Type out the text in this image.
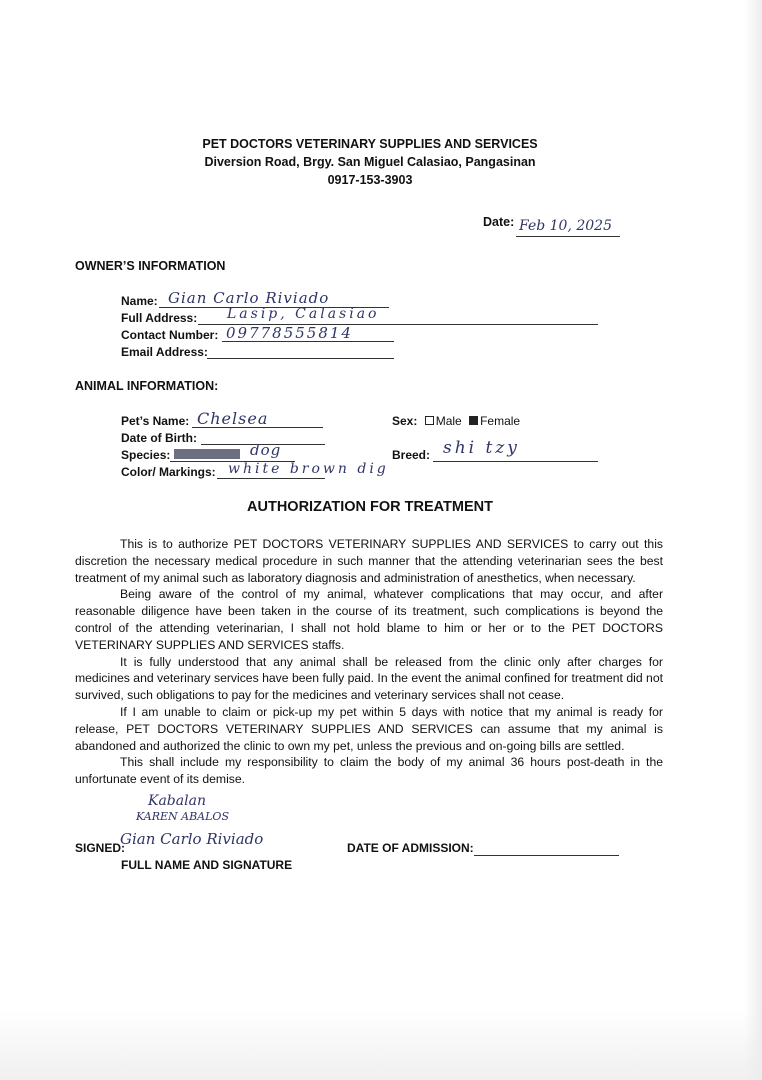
PET DOCTORS VETERINARY SUPPLIES AND SERVICES
Diversion Road, Brgy. San Miguel Calasiao, Pangasinan
0917-153-3903
Date: Feb 10, 2025
OWNER’S INFORMATION
Name: Gian Carlo Riviado
Full Address: Lasip, Calasiao
Contact Number: 09778555814
Email Address:
ANIMAL INFORMATION:
Pet’s Name: Chelsea	Sex: Male Female
Date of Birth:
Species:	dog	Breed: shi tzy
Color/ Markings: white brown dig
AUTHORIZATION FOR TREATMENT

This is to authorize PET DOCTORS VETERINARY SUPPLIES AND SERVICES to carry out this discretion the necessary medical procedure in such manner that the attending veterinarian sees the best treatment of my animal such as laboratory diagnosis and administration of anesthetics, when necessary.

Being aware of the control of my animal, whatever complications that may occur, and after reasonable diligence have been taken in the course of its treatment, such complications is beyond the control of the attending veterinarian, I shall not hold blame to him or her or to the PET DOCTORS VETERINARY SUPPLIES AND SERVICES staffs.

It is fully understood that any animal shall be released from the clinic only after charges for medicines and veterinary services have been fully paid. In the event the animal confined for treatment did not survived, such obligations to pay for the medicines and veterinary services shall not cease.

If I am unable to claim or pick-up my pet within 5 days with notice that my animal is ready for release, PET DOCTORS VETERINARY SUPPLIES AND SERVICES can assume that my animal is abandoned and authorized the clinic to own my pet, unless the previous and on-going bills are settled.

This shall include my responsibility to claim the body of my animal 36 hours post-death in the unfortunate event of its demise.

Kabalan
KAREN ABALOS
Gian Carlo Riviado
SIGNED:
FULL NAME AND SIGNATURE
DATE OF ADMISSION:
